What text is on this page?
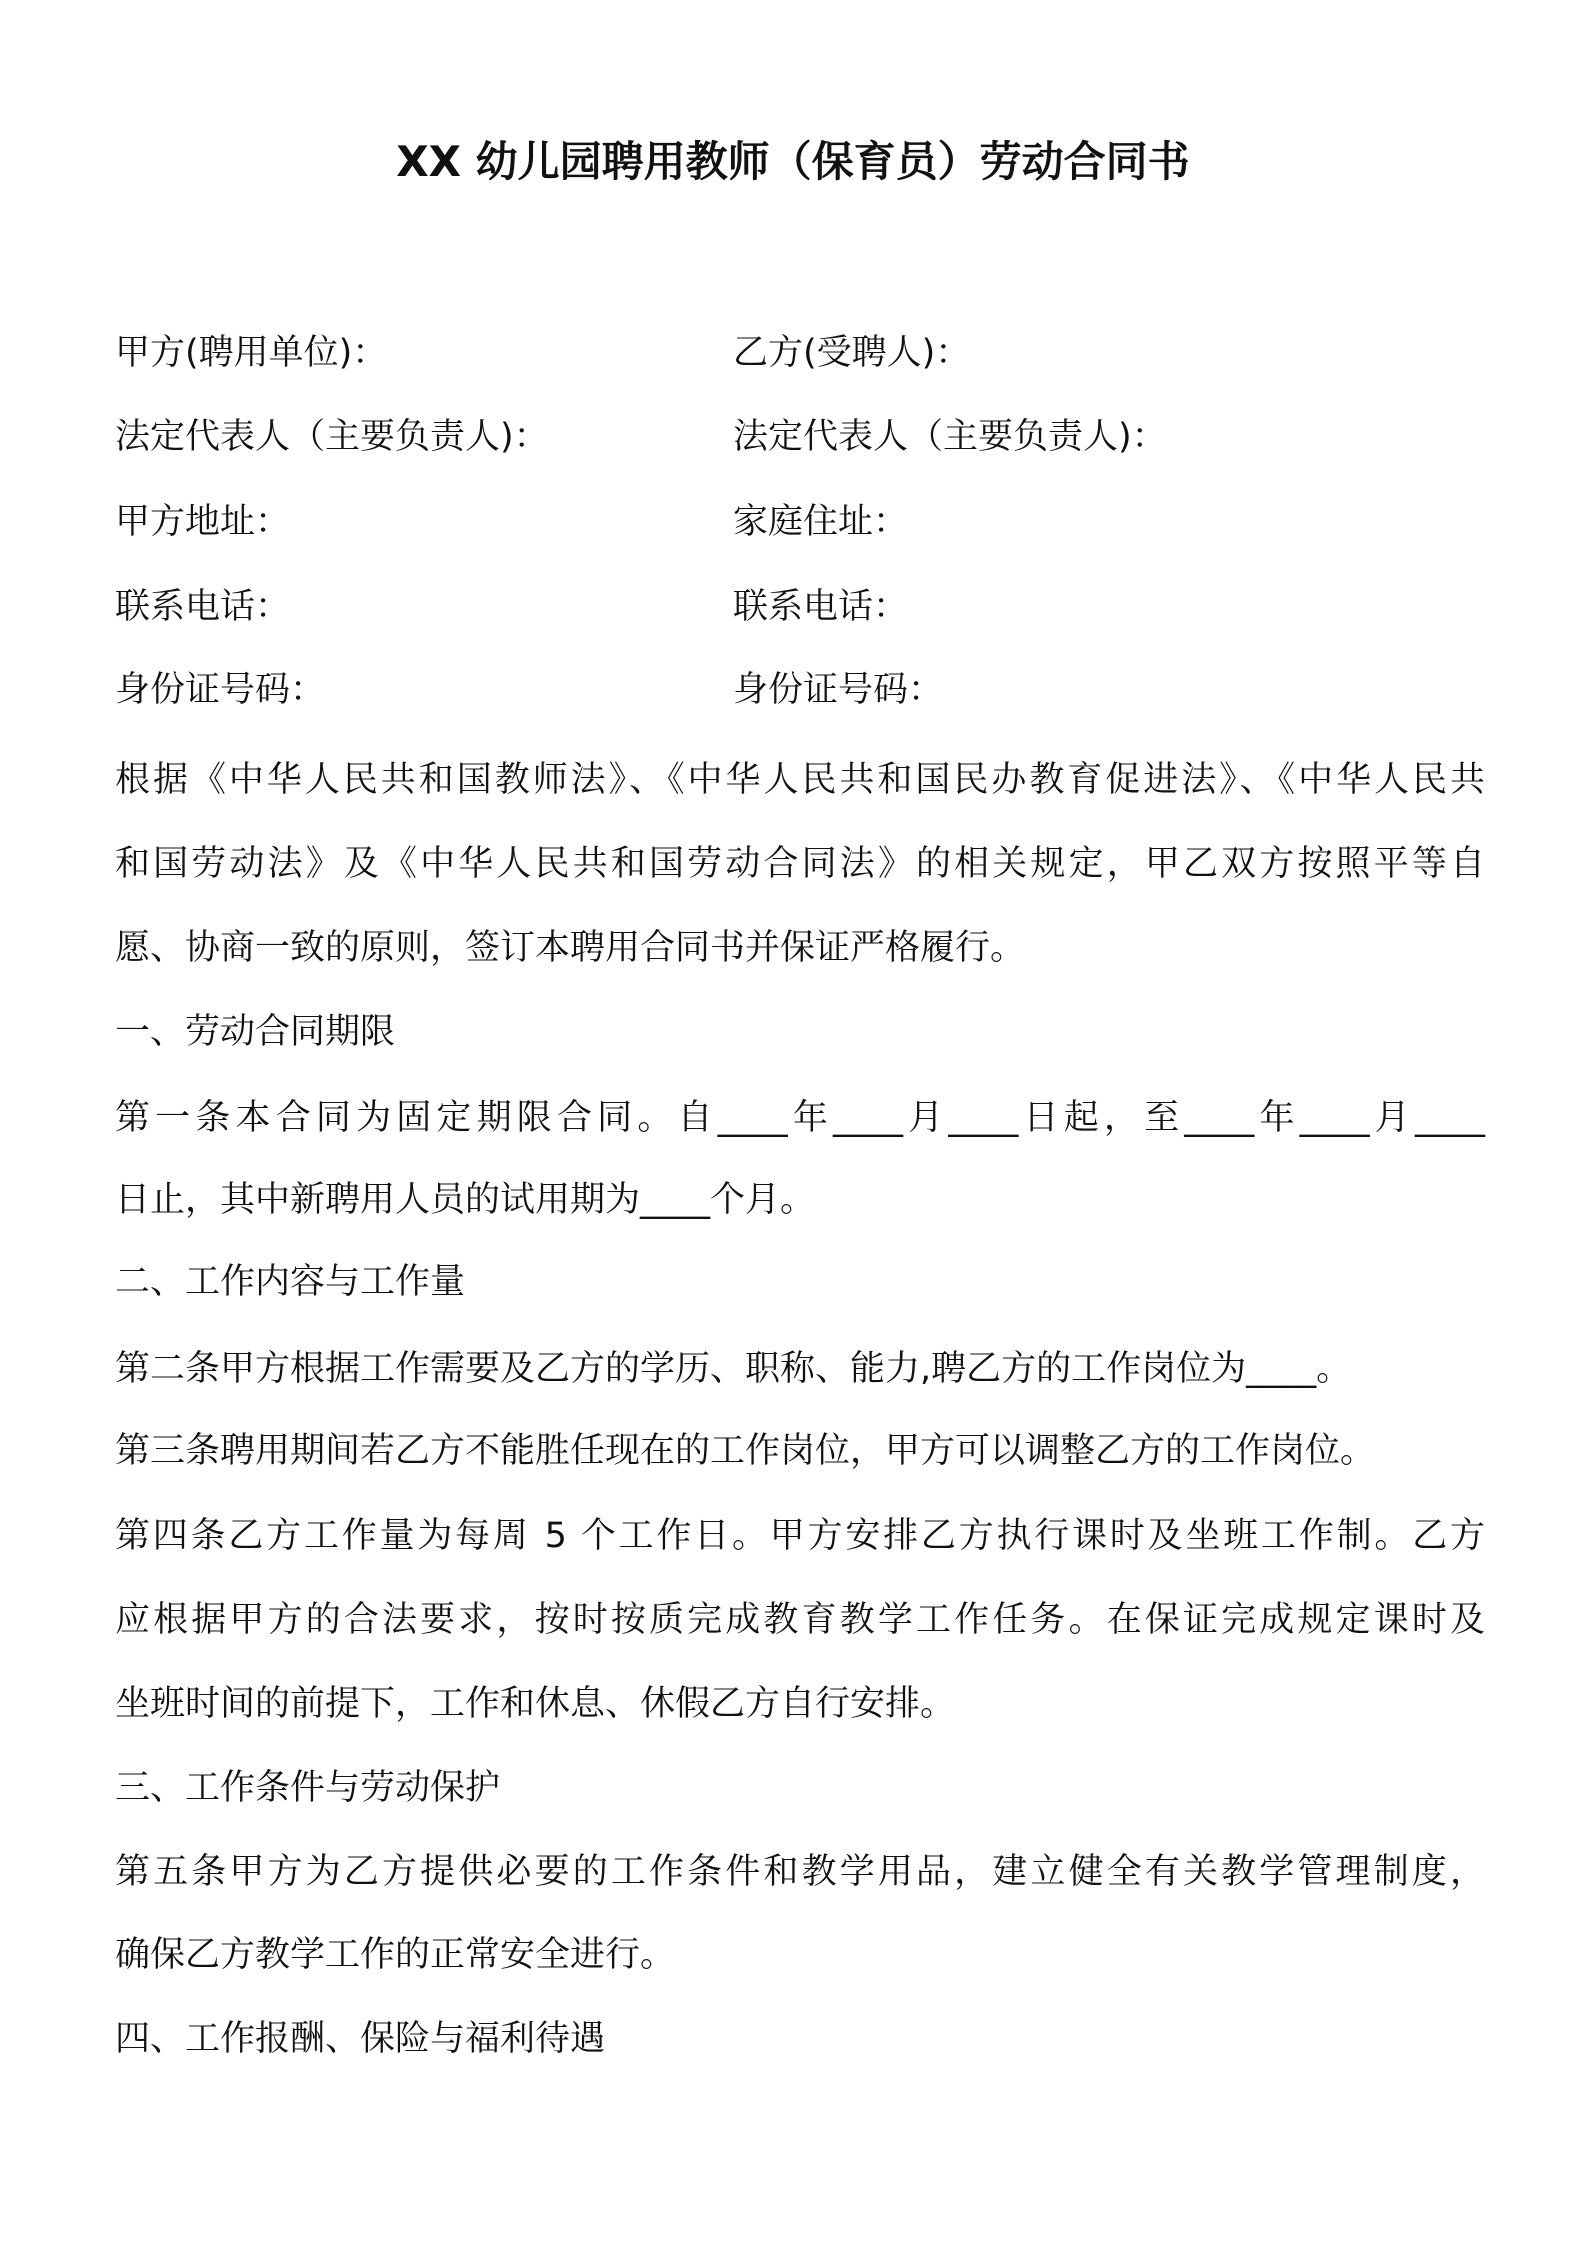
XX 幼儿园聘用教师（保育员）劳动合同书
甲方(聘用单位)：	乙方(受聘人)：
法定代表人（主要负责人)：	法定代表人（主要负责人)：
甲方地址：	家庭住址：
联系电话：	联系电话：
身份证号码：	身份证号码：
根据《中华人民共和国教师法》、《中华人民共和国民办教育促进法》、《中华人民共
和国劳动法》及《中华人民共和国劳动合同法》的相关规定，甲乙双方按照平等自
愿、协商一致的原则，签订本聘用合同书并保证严格履行。
一、劳动合同期限
第一条本合同为固定期限合同。自____年____月____日起，至____年____月____
日止，其中新聘用人员的试用期为____个月。
二、工作内容与工作量
第二条甲方根据工作需要及乙方的学历、职称、能力,聘乙方的工作岗位为____。
第三条聘用期间若乙方不能胜任现在的工作岗位，甲方可以调整乙方的工作岗位。
第四条乙方工作量为每周 5 个工作日。甲方安排乙方执行课时及坐班工作制。乙方
应根据甲方的合法要求，按时按质完成教育教学工作任务。在保证完成规定课时及
坐班时间的前提下，工作和休息、休假乙方自行安排。
三、工作条件与劳动保护
第五条甲方为乙方提供必要的工作条件和教学用品，建立健全有关教学管理制度，
确保乙方教学工作的正常安全进行。
四、工作报酬、保险与福利待遇
